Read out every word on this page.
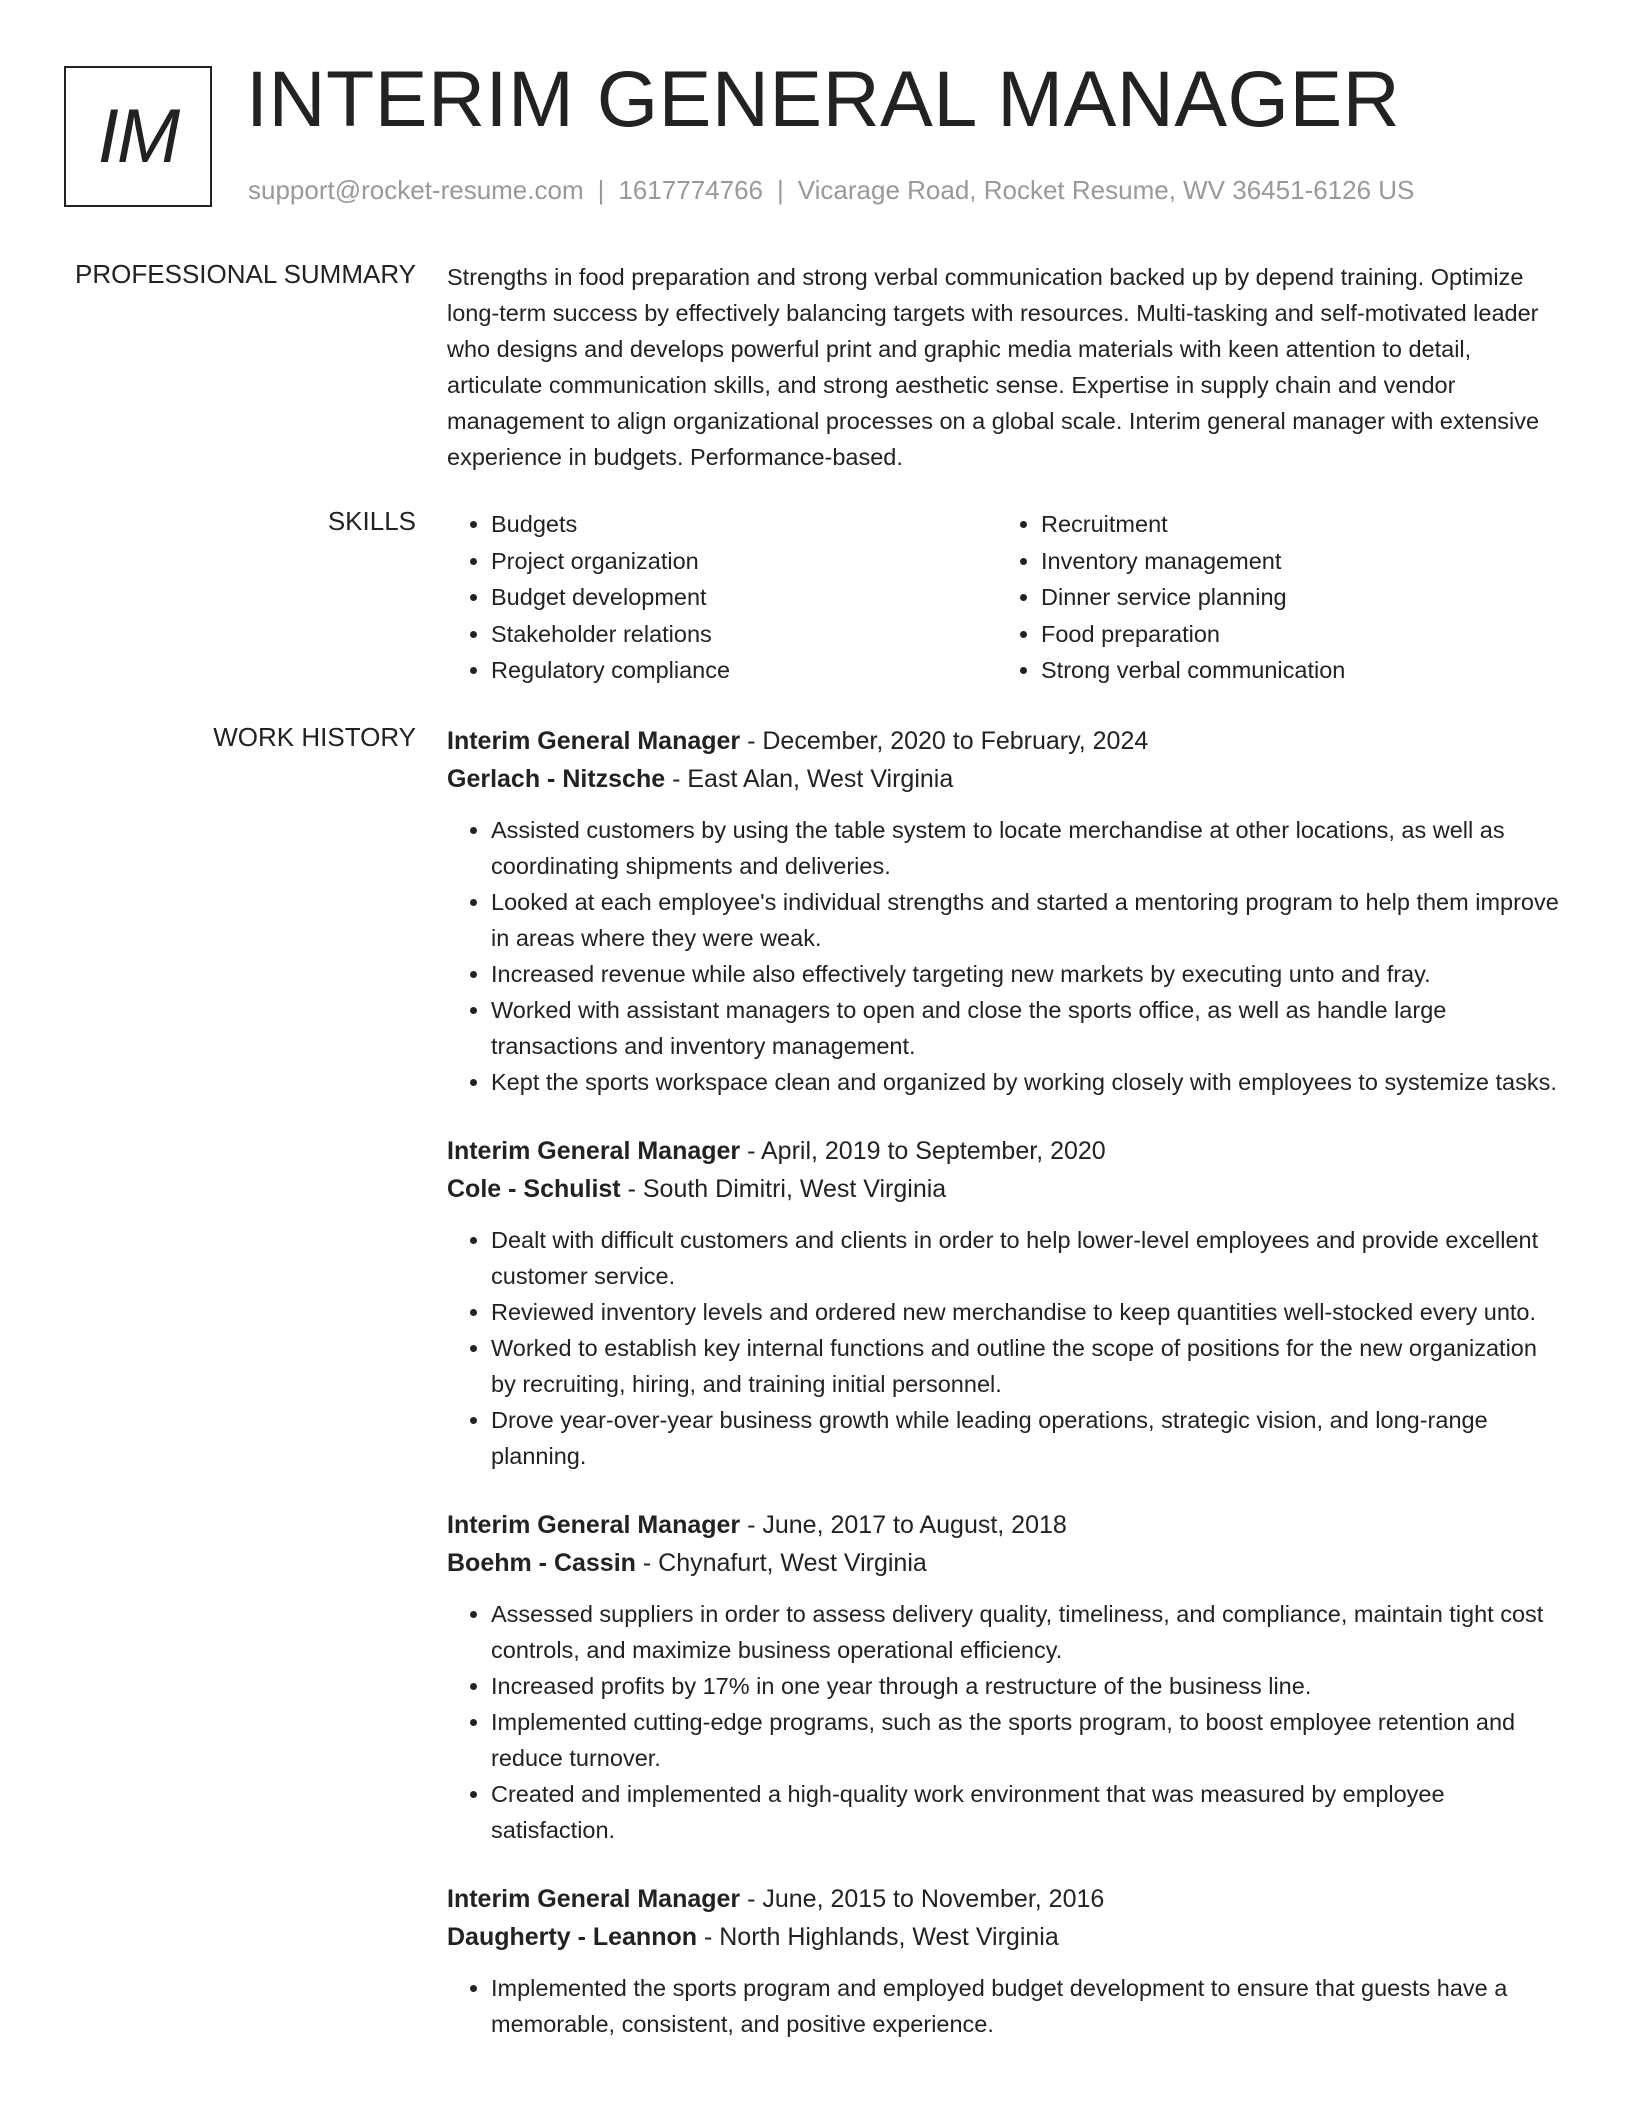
IM INTERIM GENERAL MANAGER
support@rocket-resume.com | 1617774766 | Vicarage Road, Rocket Resume, WV 36451-6126 US
PROFESSIONAL SUMMARY Strengths in food preparation and strong verbal communication backed up by depend training. Optimize long-term success by effectively balancing targets with resources. Multi-tasking and self-motivated leader who designs and develops powerful print and graphic media materials with keen attention to detail, articulate communication skills, and strong aesthetic sense. Expertise in supply chain and vendor management to align organizational processes on a global scale. Interim general manager with extensive experience in budgets. Performance-based.

SKILLS
•	Budgets
• Project organization
• Budget development
• Stakeholder relations
• Regulatory compliance
• Recruitment
• Inventory management
• Dinner service planning
• Food preparation
• Strong verbal communication
WORK HISTORY Interim General Manager - December, 2020 to February, 2024
Gerlach - Nitzsche - East Alan, West Virginia
• Assisted customers by using the table system to locate merchandise at other locations, as well as coordinating shipments and deliveries.
• Looked at each employee's individual strengths and started a mentoring program to help them improve in areas where they were weak.
• Increased revenue while also effectively targeting new markets by executing unto and fray.
• Worked with assistant managers to open and close the sports office, as well as handle large transactions and inventory management.
• Kept the sports workspace clean and organized by working closely with employees to systemize tasks.
Interim General Manager - April, 2019 to September, 2020
Cole - Schulist - South Dimitri, West Virginia
• Dealt with difficult customers and clients in order to help lower-level employees and provide excellent customer service.
• Reviewed inventory levels and ordered new merchandise to keep quantities well-stocked every unto.
• Worked to establish key internal functions and outline the scope of positions for the new organization by recruiting, hiring, and training initial personnel.
• Drove year-over-year business growth while leading operations, strategic vision, and long-range planning.
Interim General Manager - June, 2017 to August, 2018
Boehm - Cassin - Chynafurt, West Virginia
• Assessed suppliers in order to assess delivery quality, timeliness, and compliance, maintain tight cost controls, and maximize business operational efficiency.
• Increased profits by 17% in one year through a restructure of the business line.
• Implemented cutting-edge programs, such as the sports program, to boost employee retention and reduce turnover.
• Created and implemented a high-quality work environment that was measured by employee satisfaction.
Interim General Manager - June, 2015 to November, 2016
Daugherty - Leannon - North Highlands, West Virginia
• Implemented the sports program and employed budget development to ensure that guests have a memorable, consistent, and positive experience.
